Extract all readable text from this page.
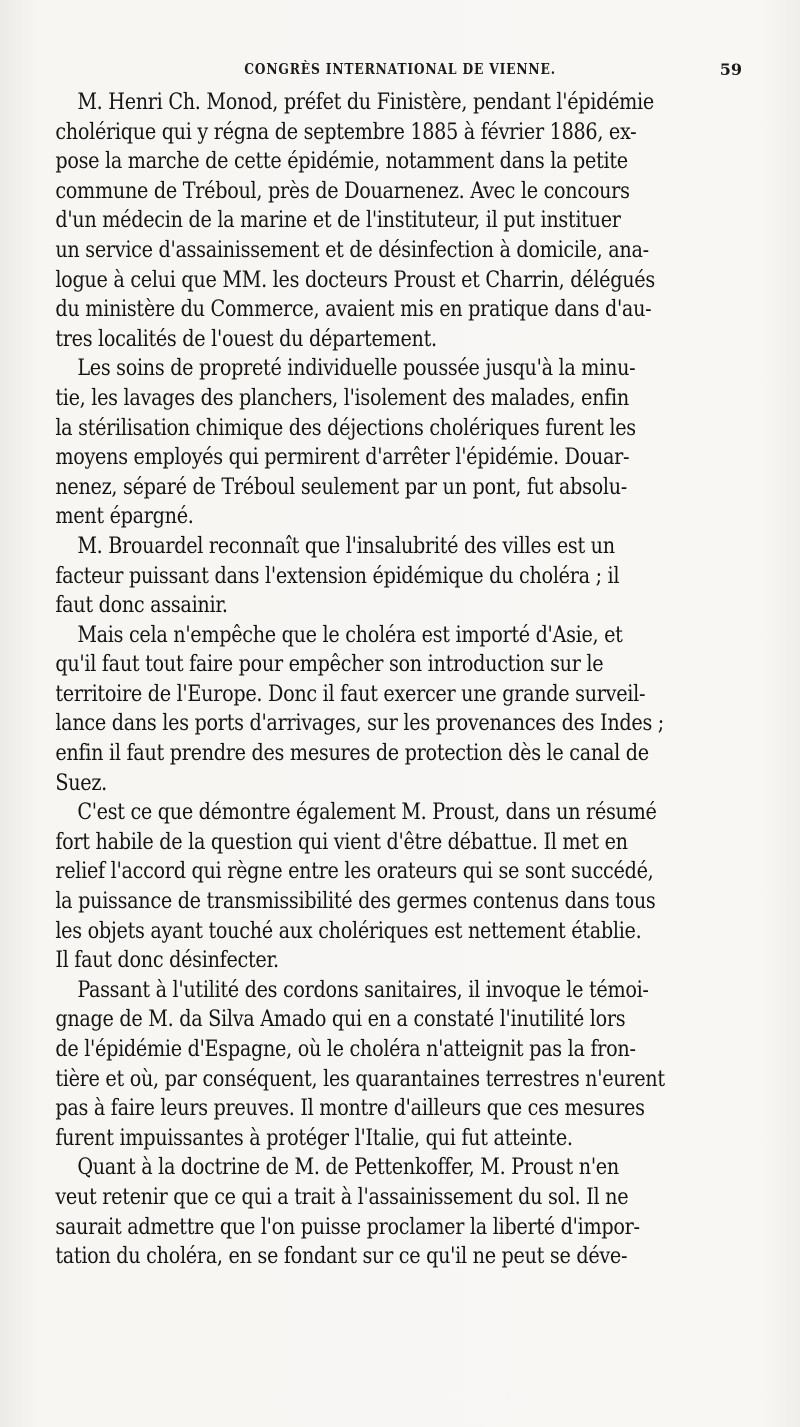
CONGRÈS INTERNATIONAL DE VIENNE.	59
M. Henri Ch. Monod, préfet du Finistère, pendant l'épidémie
cholérique qui y régna de septembre 1885 à février 1886, ex-
pose la marche de cette épidémie, notamment dans la petite
commune de Tréboul, près de Douarnenez. Avec le concours
d'un médecin de la marine et de l'instituteur, il put instituer
un service d'assainissement et de désinfection à domicile, ana-
logue à celui que MM. les docteurs Proust et Charrin, délégués
du ministère du Commerce, avaient mis en pratique dans d'au-
tres localités de l'ouest du département.
Les soins de propreté individuelle poussée jusqu'à la minu-
tie, les lavages des planchers, l'isolement des malades, enfin
la stérilisation chimique des déjections cholériques furent les
moyens employés qui permirent d'arrêter l'épidémie. Douar-
nenez, séparé de Tréboul seulement par un pont, fut absolu-
ment épargné.
M. Brouardel reconnaît que l'insalubrité des villes est un
facteur puissant dans l'extension épidémique du choléra ; il
faut donc assainir.
Mais cela n'empêche que le choléra est importé d'Asie, et
qu'il faut tout faire pour empêcher son introduction sur le
territoire de l'Europe. Donc il faut exercer une grande surveil-
lance dans les ports d'arrivages, sur les provenances des Indes ;
enfin il faut prendre des mesures de protection dès le canal de
Suez.
C'est ce que démontre également M. Proust, dans un résumé
fort habile de la question qui vient d'être débattue. Il met en
relief l'accord qui règne entre les orateurs qui se sont succédé,
la puissance de transmissibilité des germes contenus dans tous
les objets ayant touché aux cholériques est nettement établie.
Il faut donc désinfecter.
Passant à l'utilité des cordons sanitaires, il invoque le témoi-
gnage de M. da Silva Amado qui en a constaté l'inutilité lors
de l'épidémie d'Espagne, où le choléra n'atteignit pas la fron-
tière et où, par conséquent, les quarantaines terrestres n'eurent
pas à faire leurs preuves. Il montre d'ailleurs que ces mesures
furent impuissantes à protéger l'Italie, qui fut atteinte.
Quant à la doctrine de M. de Pettenkoffer, M. Proust n'en
veut retenir que ce qui a trait à l'assainissement du sol. Il ne
saurait admettre que l'on puisse proclamer la liberté d'impor-
tation du choléra, en se fondant sur ce qu'il ne peut se déve-
